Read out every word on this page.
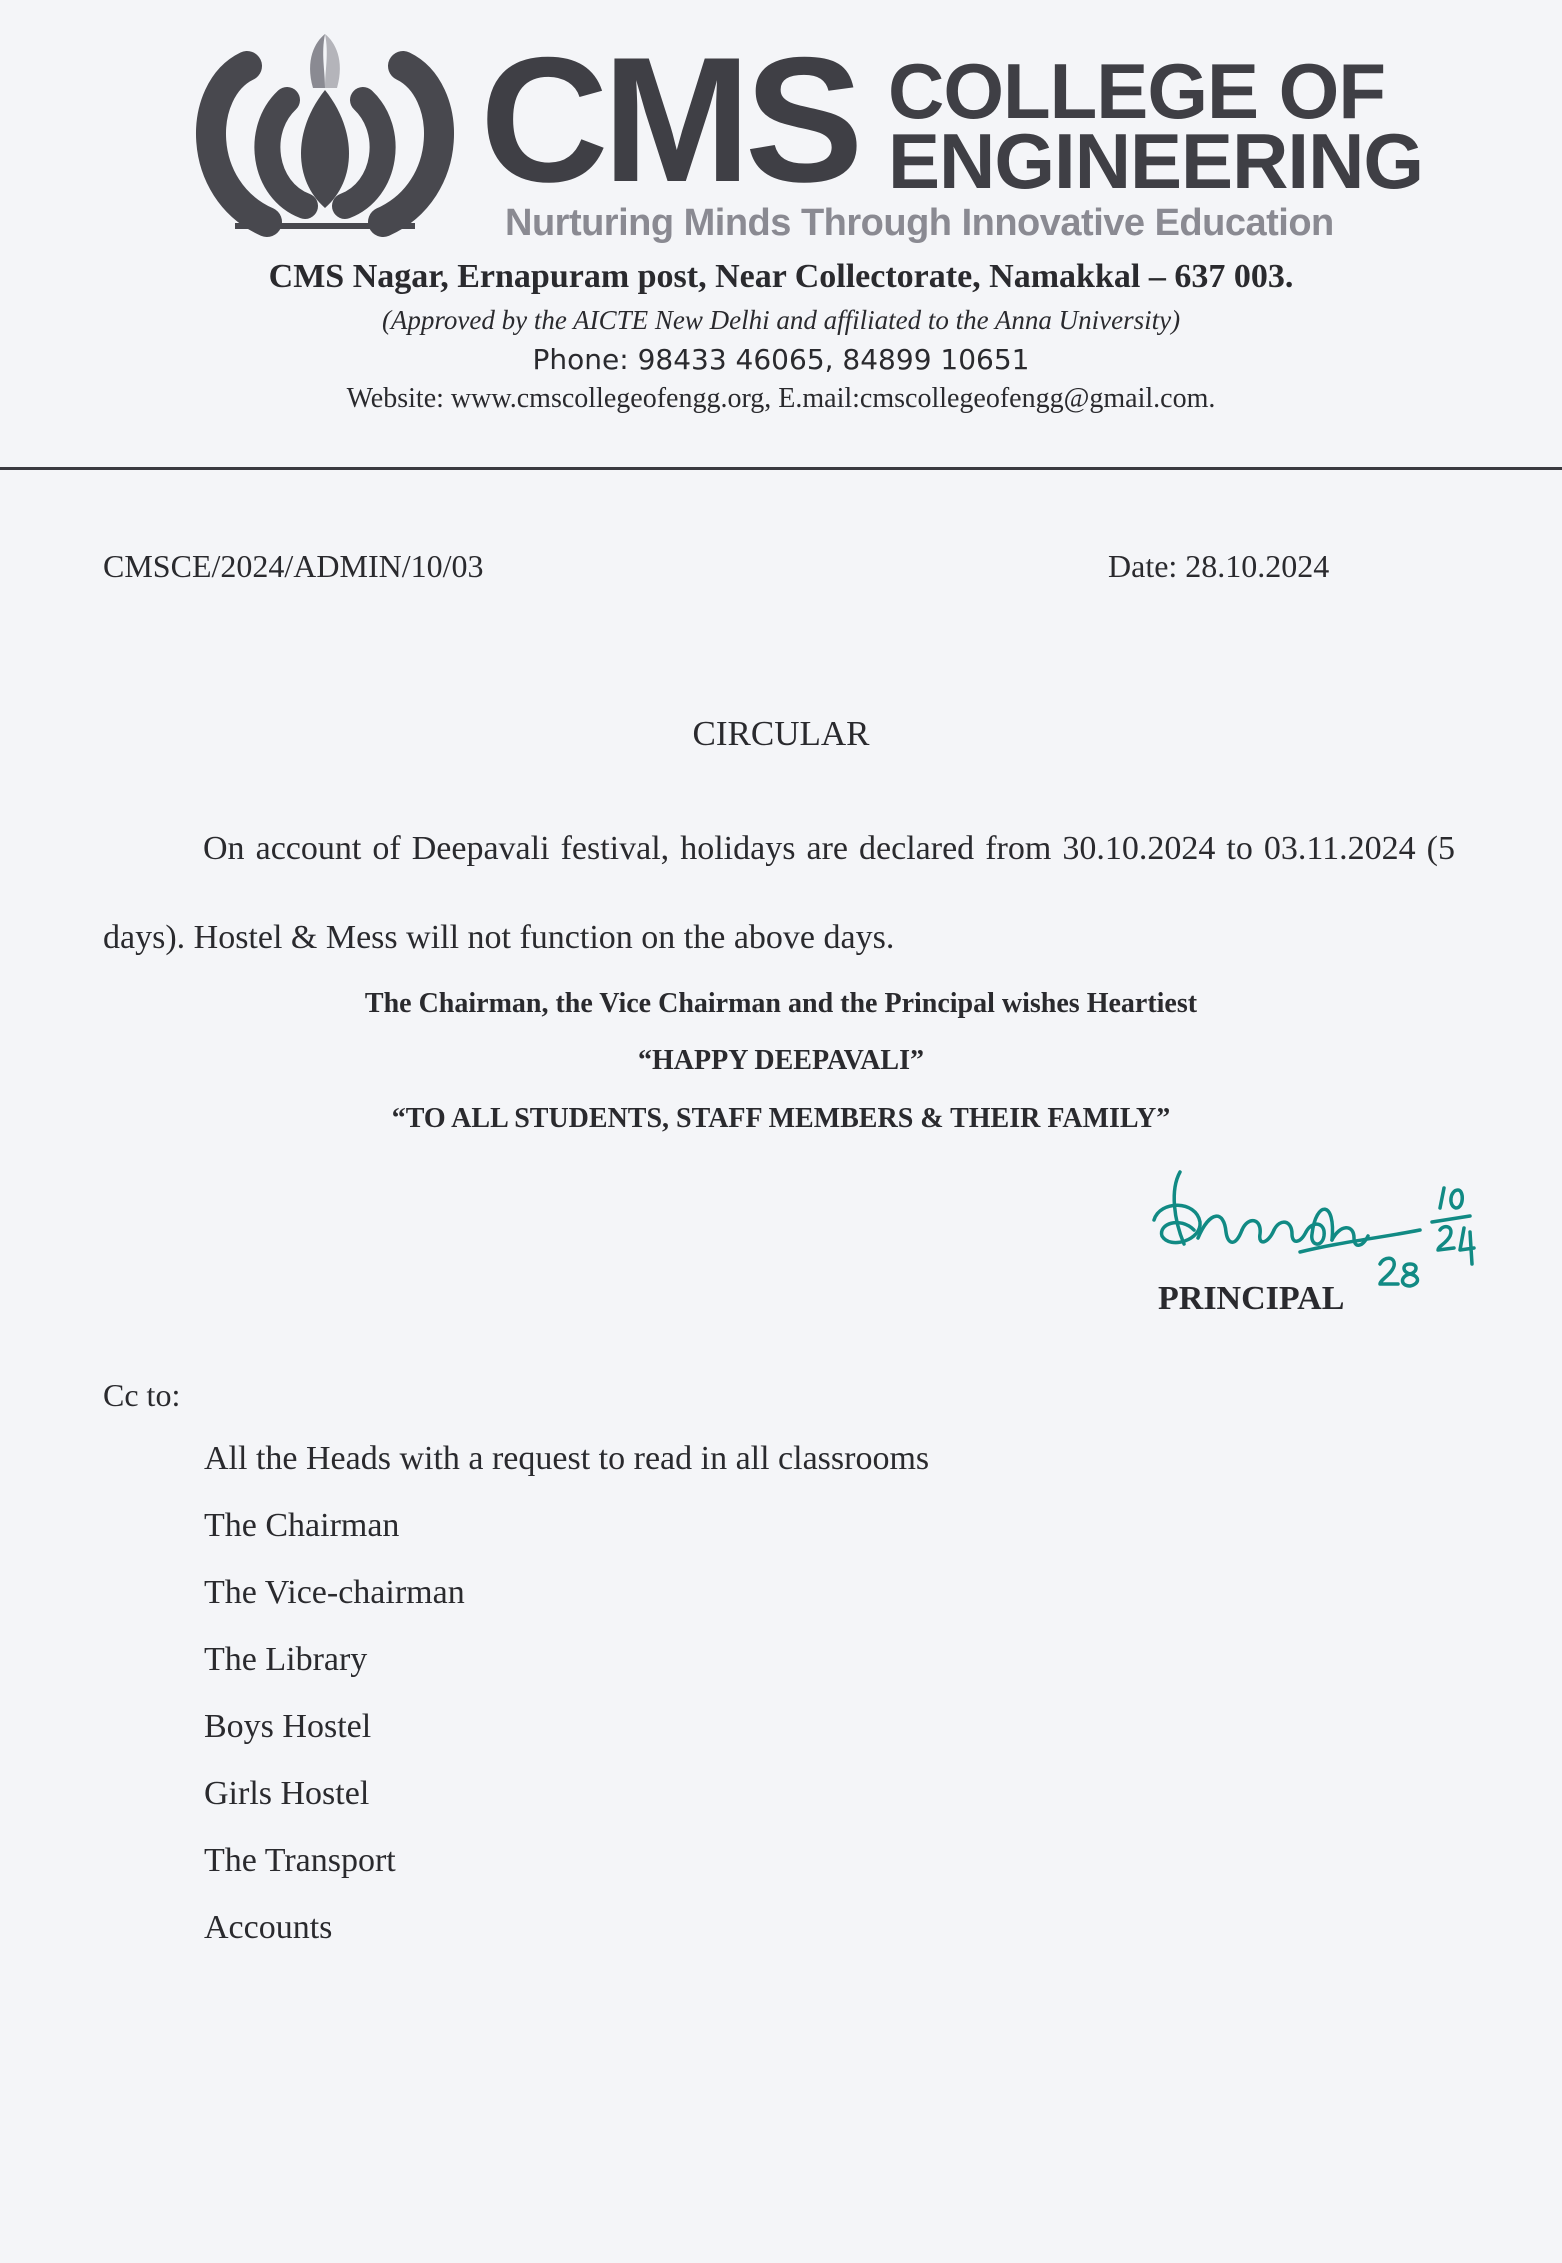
CMS COLLEGE OF
ENGINEERING
Nurturing Minds Through Innovative Education
CMS Nagar, Ernapuram post, Near Collectorate, Namakkal – 637 003.
(Approved by the AICTE New Delhi and affiliated to the Anna University)
Phone: 98433 46065, 84899 10651
Website: www.cmscollegeofengg.org, E.mail:cmscollegeofengg@gmail.com.
CMSCE/2024/ADMIN/10/03	Date: 28.10.2024
CIRCULAR
On account of Deepavali festival, holidays are declared from 30.10.2024 to 03.11.2024 (5 days). Hostel & Mess will not function on the above days.
The Chairman, the Vice Chairman and the Principal wishes Heartiest
“HAPPY DEEPAVALI”
“TO ALL STUDENTS, STAFF MEMBERS & THEIR FAMILY”
PRINCIPAL
Cc to:
All the Heads with a request to read in all classrooms
The Chairman
The Vice-chairman
The Library
Boys Hostel
Girls Hostel
The Transport
Accounts
